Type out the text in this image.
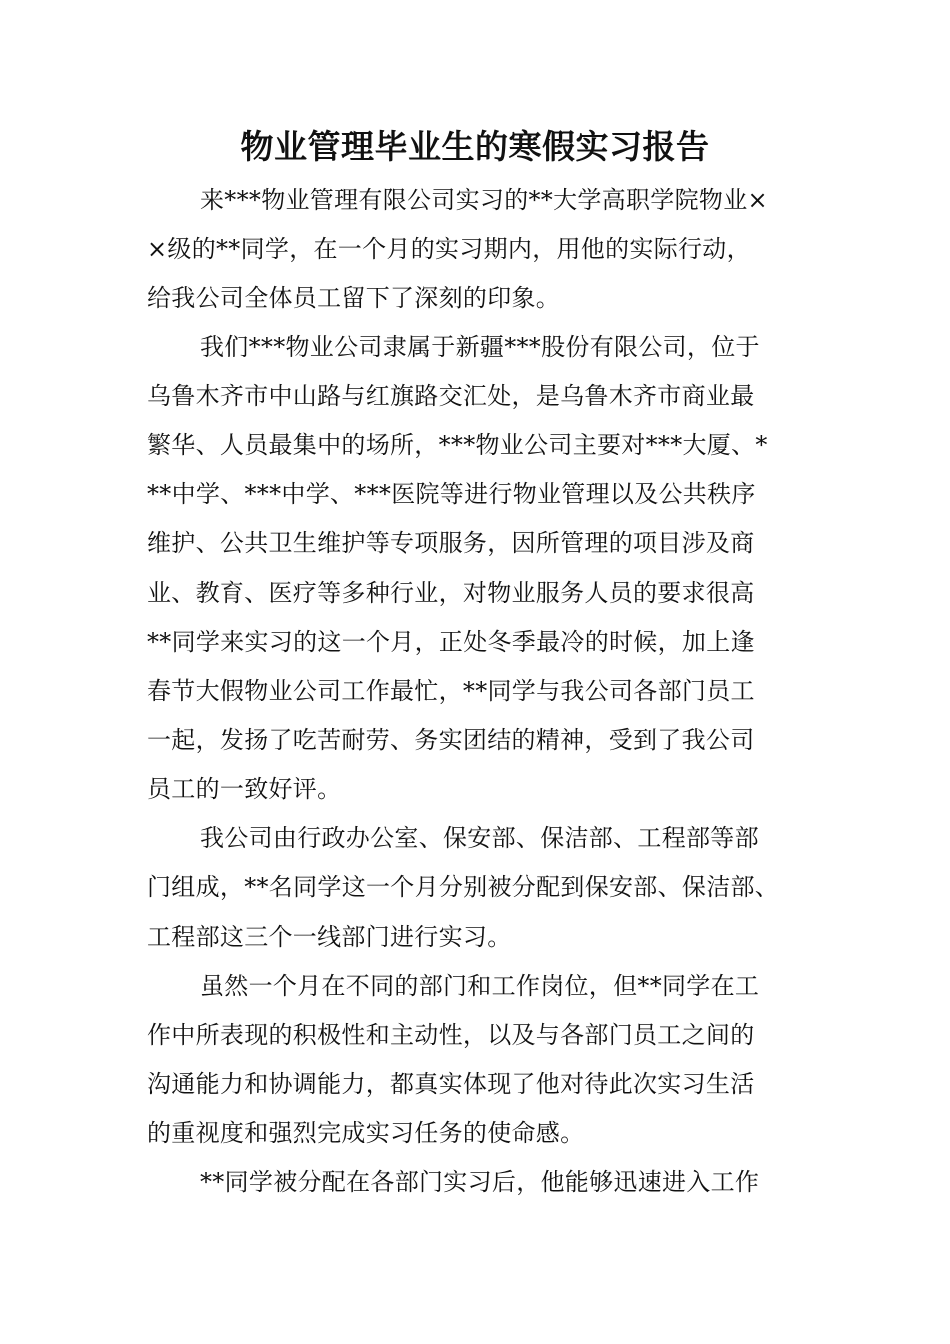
物业管理毕业生的寒假实习报告
来***物业管理有限公司实习的**大学高职学院物业×
×级的**同学，在一个月的实习期内，用他的实际行动，
给我公司全体员工留下了深刻的印象。
我们***物业公司隶属于新疆***股份有限公司，位于
乌鲁木齐市中山路与红旗路交汇处，是乌鲁木齐市商业最
繁华、人员最集中的场所，***物业公司主要对***大厦、*
**中学、***中学、***医院等进行物业管理以及公共秩序
维护、公共卫生维护等专项服务，因所管理的项目涉及商
业、教育、医疗等多种行业，对物业服务人员的要求很高
**同学来实习的这一个月，正处冬季最冷的时候，加上逢
春节大假物业公司工作最忙，**同学与我公司各部门员工
一起，发扬了吃苦耐劳、务实团结的精神，受到了我公司
员工的一致好评。
我公司由行政办公室、保安部、保洁部、工程部等部
门组成，**名同学这一个月分别被分配到保安部、保洁部、
工程部这三个一线部门进行实习。
虽然一个月在不同的部门和工作岗位，但**同学在工
作中所表现的积极性和主动性，以及与各部门员工之间的
沟通能力和协调能力，都真实体现了他对待此次实习生活
的重视度和强烈完成实习任务的使命感。
**同学被分配在各部门实习后，他能够迅速进入工作
